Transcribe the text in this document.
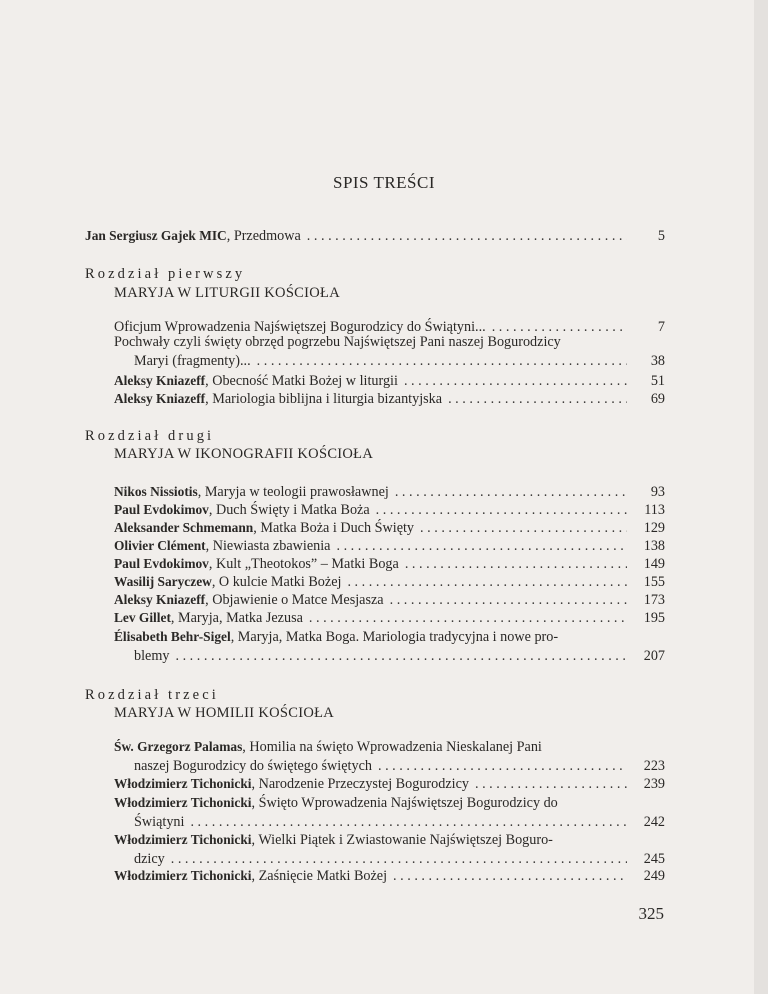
SPIS TREŚCI
Jan Sergiusz Gajek MIC, Przedmowa . . .	5
Rozdział pierwszy
MARYJA W LITURGII KOŚCIOŁA
Oficjum Wprowadzenia Najświętszej Bogurodzicy do Świątyni... . . .	7
Pochwały czyli święty obrzęd pogrzebu Najświętszej Pani naszej Bogurodzicy
Maryi (fragmenty)... . . .	38
Aleksy Kniazeff, Obecność Matki Bożej w liturgii . . .	51
Aleksy Kniazeff, Mariologia biblijna i liturgia bizantyjska . . .	69
Rozdział drugi
MARYJA W IKONOGRAFII KOŚCIOŁA
Nikos Nissiotis, Maryja w teologii prawosławnej . . .	93
Paul Evdokimov, Duch Święty i Matka Boża . . .	113
Aleksander Schmemann, Matka Boża i Duch Święty . . .	129
Olivier Clément, Niewiasta zbawienia . . .	138
Paul Evdokimov, Kult „Theotokos” – Matki Boga . . .	149
Wasilij Saryczew, O kulcie Matki Bożej . . .	155
Aleksy Kniazeff, Objawienie o Matce Mesjasza . . .	173
Lev Gillet, Maryja, Matka Jezusa . . .	195
Élisabeth Behr-Sigel, Maryja, Matka Boga. Mariologia tradycyjna i nowe pro-
blemy . . .	207
Rozdział trzeci
MARYJA W HOMILII KOŚCIOŁA
Św. Grzegorz Palamas, Homilia na święto Wprowadzenia Nieskalanej Pani
naszej Bogurodzicy do świętego świętych . . .	223
Włodzimierz Tichonicki, Narodzenie Przeczystej Bogurodzicy . . .	239
Włodzimierz Tichonicki, Święto Wprowadzenia Najświętszej Bogurodzicy do
Świątyni . . .	242
Włodzimierz Tichonicki, Wielki Piątek i Zwiastowanie Najświętszej Boguro-
dzicy . . .	245
Włodzimierz Tichonicki, Zaśnięcie Matki Bożej . . .	249
325
